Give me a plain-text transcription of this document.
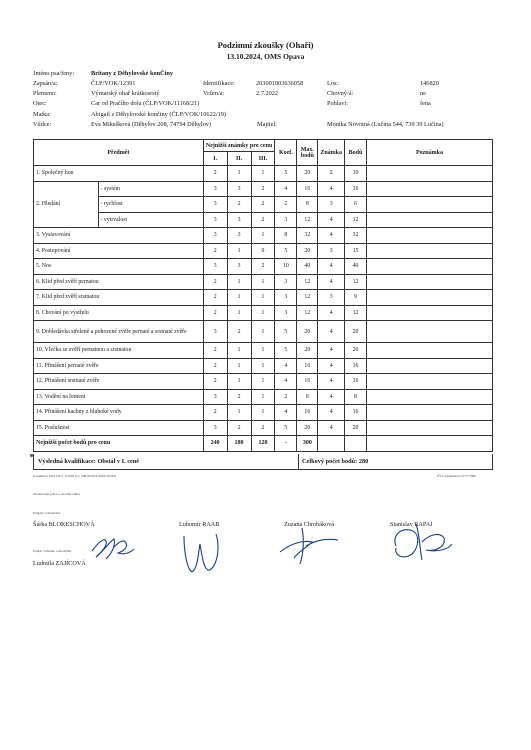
Podzimní zkoušky (Ohaři)
13.10.2024, OMS Opava
Jméno psa/feny:	Britany z Děhylovské konČiny
Zapsán/a:	ČLP/VOK/12391	Identifikace:	203001003636058	Los:	146820
Plemeno:	Výmarský ohař krátkosrstý	Vržen/a:	2.7.2022	Chovný/á:	ne
Otec:	Car od Pračího dolu (ČLP/VOK/11168/21)	Pohlaví:	fena
Matka:	Abigail z Děhylovské končiny (ČLP/VOK/10622/19)
Vůdce:	Eva Mikešková (Děhylov 208, 74794 Děhylov)	Majitel:	Monika Novotná (Lučina 544, 739 39 Lučina)
Předmět		Nejnižší známky pro cenu			Koef.	Max. bodů	Známka	Bodů	Poznámka
		I.	II.	III.					
1. Společný hon		2	1	1	5	20	2	10	
2. Hledání	- systém	3	3	2	4	16	4	16	
	- rychlost	3	2	2	2	8	3	6	
	- vytrvalost	3	3	2	3	12	4	12	
3. Vystavování		3	3	1	8	32	4	32	
4. Postupování		2	1	0	5	20	3	15	
5. Nos		3	3	2	10	40	4	40	
6. Klid před zvěří pernatou		2	1	1	3	12	4	12	
7. Klid před zvěří srstnatou		2	1	1	3	12	3	9	
8. Chování po výstřelu		2	1	1	3	12	4	12	
9. Dohledávka střelené a pohozené zvěře pernaté a srstnaté zvěře		3	2	1	5	20	4	20	
10. Vlečka se zvěří pernatnou a srstnatou		2	1	1	5	20	4	20	
11. Přinášení pernaté zvěře		2	1	1	4	16	4	16	
12. Přinášení srstnaté zvěře		2	1	1	4	16	4	16	
13. Vodění na řemeni		3	2	1	2	8	4	8	
14. Přinášení kachny z hluboké vody		2	1	1	4	16	4	16	
15. Poslušnost		3	2	2	5	20	4	20	
Nejnižší počet bodů pro cenu		240	180	120	-	300			
Výsledná kvalifikace: Obstál v I. ceně	Celkový počet bodů: 280
Posudkové MZe ČR č. 3/2020 (č.j. 39816/2019-MZE/16235)	IČO organizátora: 67777960
Zhodnocení práce a chování vůdce
Podpisy rozhodčích:
Šárka BLOKESCHOVÁ	Lubomír RAAB	Zuzana Chrobáková	Stanislav RAPAJ
Podpis vrchního rozhodčího:
Ludmila ZAJÍCOVÁ
